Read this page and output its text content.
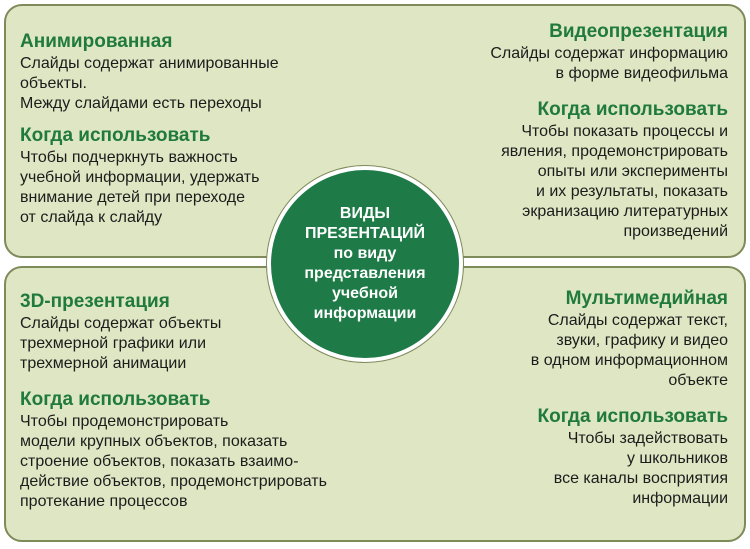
Анимированная
Слайды содержат анимированные
объекты.
Между слайдами есть переходы
Когда использовать
Чтобы подчеркнуть важность
учебной информации, удержать
внимание детей при переходе
от слайда к слайду
Видеопрезентация
Слайды содержат информацию
в форме видеофильма
Когда использовать
Чтобы показать процессы и
явления, продемонстрировать
опыты или эксперименты
и их результаты, показать
экранизацию литературных
произведений
3D-презентация
Слайды содержат объекты
трехмерной графики или
трехмерной анимации
Когда использовать
Чтобы продемонстрировать
модели крупных объектов, показать
строение объектов, показать взаимо-
действие объектов, продемонстрировать
протекание процессов
Мультимедийная
Слайды содержат текст,
звуки, графику и видео
в одном информационном
объекте
Когда использовать
Чтобы задействовать
у школьников
все каналы восприятия
информации
ВИДЫ
ПРЕЗЕНТАЦИЙ
по виду
представления
учебной
информации
